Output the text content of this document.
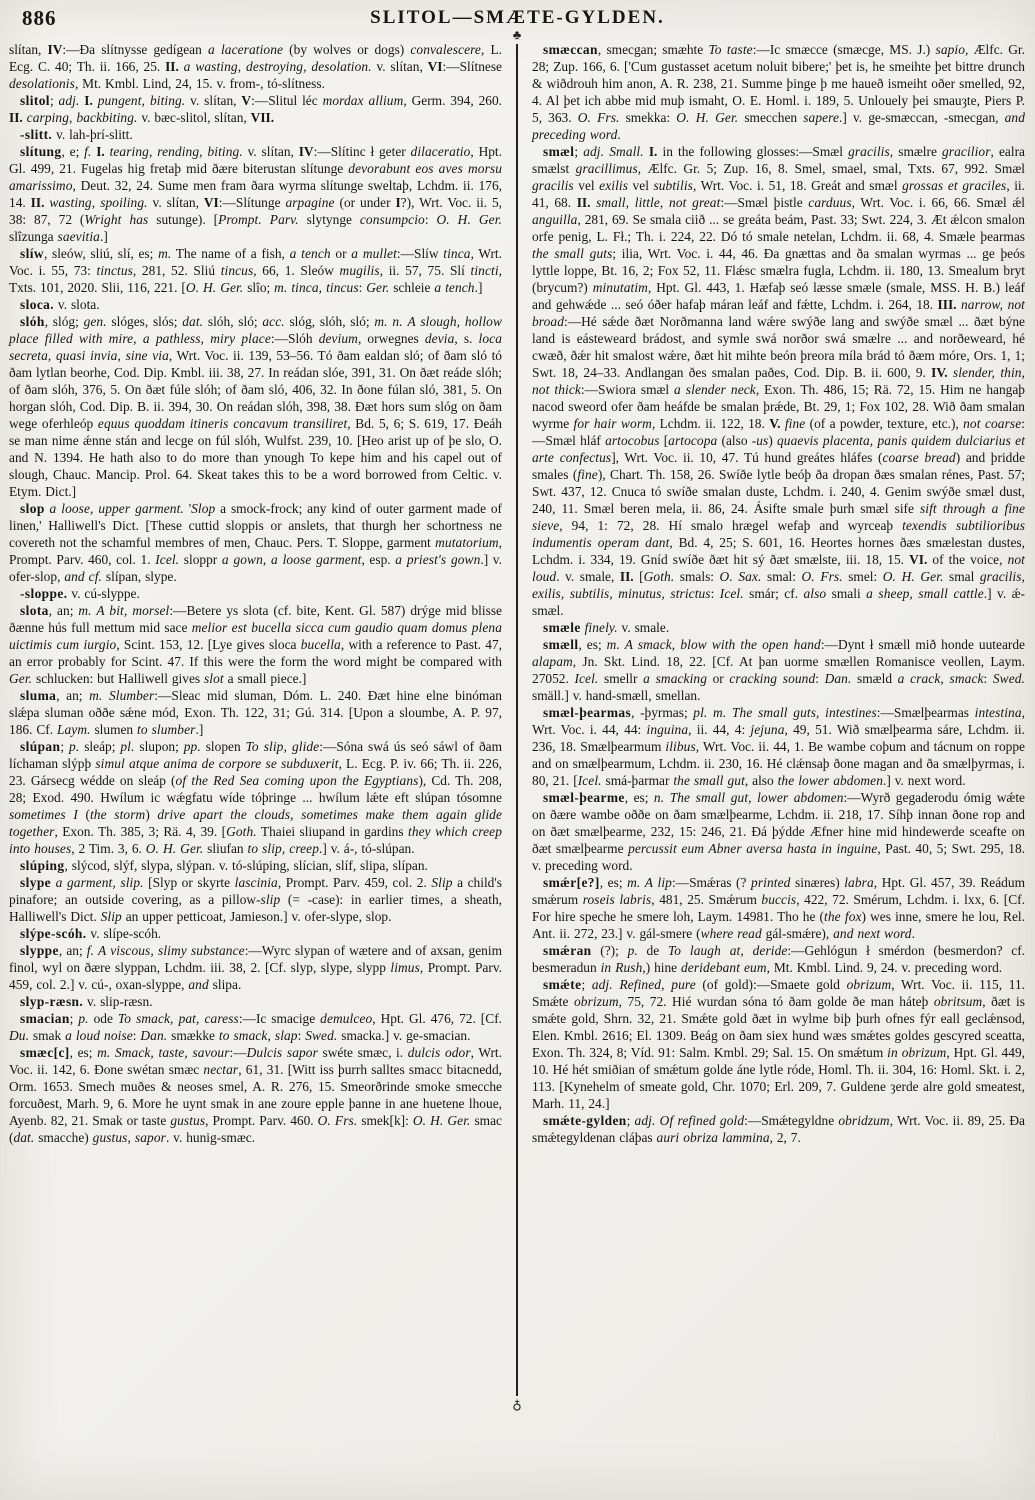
886	SLITOL—SMÆTE-GYLDEN.
♣
♁

slítan, IV:—Ða slítnysse gedígean a laceratione (by wolves or dogs) convalescere, L. Ecg. C. 40; Th. ii. 166, 25. II. a wasting, destroying, desolation. v. slítan, VI:—Slítnese desolationis, Mt. Kmbl. Lind, 24, 15. v. from-, tó-slítness.

slitol; adj. I. pungent, biting. v. slítan, V:—Slitul léc mordax allium, Germ. 394, 260. II. carping, backbiting. v. bæc-slitol, slítan, VII.

-slitt. v. lah-þrí-slitt.

slítung, e; f. I. tearing, rending, biting. v. slítan, IV:—Slítinc ł geter dilaceratio, Hpt. Gl. 499, 21. Fugelas hig fretaþ mid ðære biterustan slítunge devorabunt eos aves morsu amarissimo, Deut. 32, 24. Sume men fram ðara wyrma slítunge sweltaþ, Lchdm. ii. 176, 14. II. wasting, spoiling. v. slítan, VI:—Slítunge arpagine (or under I?), Wrt. Voc. ii. 5, 38: 87, 72 (Wright has sutunge). [Prompt. Parv. slytynge consumpcio: O. H. Ger. slîzunga saevitia.]

slíw, sleów, sliú, slí, es; m. The name of a fish, a tench or a mullet:—Slíw tinca, Wrt. Voc. i. 55, 73: tinctus, 281, 52. Sliú tincus, 66, 1. Sleów mugilis, ii. 57, 75. Slí tincti, Txts. 101, 2020. Slii, 116, 221. [O. H. Ger. slîo; m. tinca, tincus: Ger. schleie a tench.]

sloca. v. slota.

slóh, slóg; gen. slóges, slós; dat. slóh, sló; acc. slóg, slóh, sló; m. n. A slough, hollow place filled with mire, a pathless, miry place:—Slóh devium, orwegnes devia, s. loca secreta, quasi invia, sine via, Wrt. Voc. ii. 139, 53–56. Tó ðam ealdan sló; of ðam sló tó ðam lytlan beorhe, Cod. Dip. Kmbl. iii. 38, 27. In reádan slóe, 391, 31. On ðæt reáde slóh; of ðam slóh, 376, 5. On ðæt fúle slóh; of ðam sló, 406, 32. In ðone fúlan sló, 381, 5. On horgan slóh, Cod. Dip. B. ii. 394, 30. On reádan slóh, 398, 38. Ðæt hors sum slóg on ðam wege oferhleóp equus quoddam itineris concavum transiliret, Bd. 5, 6; S. 619, 17. Ðeáh se man nime ǽnne stán and lecge on fúl slóh, Wulfst. 239, 10. [Heo arist up of þe slo, O. and N. 1394. He hath also to do more than ynough To kepe him and his capel out of slough, Chauc. Mancip. Prol. 64. Skeat takes this to be a word borrowed from Celtic. v. Etym. Dict.]

slop a loose, upper garment. 'Slop a smock-frock; any kind of outer garment made of linen,' Halliwell's Dict. [These cuttid sloppis or anslets, that thurgh her schortness ne covereth not the schamful membres of men, Chauc. Pers. T. Sloppe, garment mutatorium, Prompt. Parv. 460, col. 1. Icel. sloppr a gown, a loose garment, esp. a priest's gown.] v. ofer-slop, and cf. slípan, slype.

-sloppe. v. cú-slyppe.

slota, an; m. A bit, morsel:—Betere ys slota (cf. bite, Kent. Gl. 587) drýge mid blisse ðænne hús full mettum mid sace melior est bucella sicca cum gaudio quam domus plena uictimis cum iurgio, Scint. 153, 12. [Lye gives sloca bucella, with a reference to Past. 47, an error probably for Scint. 47. If this were the form the word might be compared with Ger. schlucken: but Halliwell gives slot a small piece.]

sluma, an; m. Slumber:—Sleac mid sluman, Dóm. L. 240. Ðæt hine elne binóman slǽpa sluman oððe sǽne mód, Exon. Th. 122, 31; Gú. 314. [Upon a sloumbe, A. P. 97, 186. Cf. Laym. slumen to slumber.]

slúpan; p. sleáp; pl. slupon; pp. slopen To slip, glide:—Sóna swá ús seó sáwl of ðam líchaman slýpþ simul atque anima de corpore se subduxerit, L. Ecg. P. iv. 66; Th. ii. 226, 23. Gársecg wédde on sleáp (of the Red Sea coming upon the Egyptians), Cd. Th. 208, 28; Exod. 490. Hwílum ic wǽgfatu wíde tóþringe ... hwílum lǽte eft slúpan tósomne sometimes I (the storm) drive apart the clouds, sometimes make them again glide together, Exon. Th. 385, 3; Rä. 4, 39. [Goth. Thaiei sliupand in gardins they which creep into houses, 2 Tim. 3, 6. O. H. Ger. sliufan to slip, creep.] v. á-, tó-slúpan.

slúping, slýcod, slýf, slypa, slýpan. v. tó-slúping, slícian, slíf, slipa, slípan.

slype a garment, slip. [Slyp or skyrte lascinia, Prompt. Parv. 459, col. 2. Slip a child's pinafore; an outside covering, as a pillow-slip (= -case): in earlier times, a sheath, Halliwell's Dict. Slip an upper petticoat, Jamieson.] v. ofer-slype, slop.

slýpe-scóh. v. slípe-scóh.

slyppe, an; f. A viscous, slimy substance:—Wyrc slypan of wætere and of axsan, genim finol, wyl on ðære slyppan, Lchdm. iii. 38, 2. [Cf. slyp, slype, slypp limus, Prompt. Parv. 459, col. 2.] v. cú-, oxan-slyppe, and slipa.

slyp-ræsn. v. slip-ræsn.

smacian; p. ode To smack, pat, caress:—Ic smacige demulceo, Hpt. Gl. 476, 72. [Cf. Du. smak a loud noise: Dan. smække to smack, slap: Swed. smacka.] v. ge-smacian.

smæc[c], es; m. Smack, taste, savour:—Dulcis sapor swéte smæc, i. dulcis odor, Wrt. Voc. ii. 142, 6. Ðone swétan smæc nectar, 61, 31. [Witt iss þurrh salltes smacc bitacnedd, Orm. 1653. Smech muðes & neoses smel, A. R. 276, 15. Smeorðrinde smoke smecche forcuðest, Marh. 9, 6. More he uynt smak in ane zoure epple þanne in ane huetene lhoue, Ayenb. 82, 21. Smak or taste gustus, Prompt. Parv. 460. O. Frs. smek[k]: O. H. Ger. smac (dat. smacche) gustus, sapor. v. hunig-smæc.

smæccan, smecgan; smæhte To taste:—Ic smæcce (smæcge, MS. J.) sapio, Ælfc. Gr. 28; Zup. 166, 6. ['Cum gustasset acetum noluit bibere;' þet is, he smeihte þet bittre drunch & wiðdrouh him anon, A. R. 238, 21. Summe þinge þ me haueð ismeiht oðer smelled, 92, 4. Al þet ich abbe mid muþ ismaht, O. E. Homl. i. 189, 5. Unlouely þei smauȝte, Piers P. 5, 363. O. Frs. smekka: O. H. Ger. smecchen sapere.] v. ge-smæccan, -smecgan, and preceding word.

smæl; adj. Small. I. in the following glosses:—Smæl gracilis, smælre gracilior, ealra smælst gracillimus, Ælfc. Gr. 5; Zup. 16, 8. Smel, smael, smal, Txts. 67, 992. Smæl gracilis vel exilis vel subtilis, Wrt. Voc. i. 51, 18. Greát and smæl grossas et graciles, ii. 41, 68. II. small, little, not great:—Smæl þistle carduus, Wrt. Voc. i. 66, 66. Smæl ǽl anguilla, 281, 69. Se smala ciið ... se greáta beám, Past. 33; Swt. 224, 3. Æt ǽlcon smalon orfe penig, L. Fł.; Th. i. 224, 22. Dó tó smale netelan, Lchdm. ii. 68, 4. Smæle þearmas the small guts; ilia, Wrt. Voc. i. 44, 46. Ða gnættas and ða smalan wyrmas ... ge þeós lyttle loppe, Bt. 16, 2; Fox 52, 11. Flǽsc smælra fugla, Lchdm. ii. 180, 13. Smealum bryt (brycum?) minutatim, Hpt. Gl. 443, 1. Hæfaþ seó læsse smæle (smale, MSS. H. B.) leáf and gehwǽde ... seó óðer hafaþ máran leáf and fǽtte, Lchdm. i. 264, 18. III. narrow, not broad:—Hé sǽde ðæt Norðmanna land wǽre swýðe lang and swýðe smæl ... ðæt býne land is eásteweard brádost, and symle swá norðor swá smælre ... and norðeweard, hé cwæð, ðǽr hit smalost wǽre, ðæt hit mihte beón þreora míla brád tó ðæm móre, Ors. 1, 1; Swt. 18, 24–33. Andlangan ðes smalan paðes, Cod. Dip. B. ii. 600, 9. IV. slender, thin, not thick:—Swiora smæl a slender neck, Exon. Th. 486, 15; Rä. 72, 15. Him ne hangaþ nacod sweord ofer ðam heáfde be smalan þrǽde, Bt. 29, 1; Fox 102, 28. Wið ðam smalan wyrme for hair worm, Lchdm. ii. 122, 18. V. fine (of a powder, texture, etc.), not coarse:—Smæl hláf artocobus [artocopa (also -us) quaevis placenta, panis quidem dulciarius et arte confectus], Wrt. Voc. ii. 10, 47. Tú hund greátes hláfes (coarse bread) and þridde smales (fine), Chart. Th. 158, 26. Swíðe lytle beóþ ða dropan ðæs smalan rénes, Past. 57; Swt. 437, 12. Cnuca tó swíðe smalan duste, Lchdm. i. 240, 4. Genim swýðe smæl dust, 240, 11. Smæl beren mela, ii. 86, 24. Ásifte smale þurh smæl sife sift through a fine sieve, 94, 1: 72, 28. Hí smalo hrægel wefaþ and wyrceaþ texendis subtilioribus indumentis operam dant, Bd. 4, 25; S. 601, 16. Heortes hornes ðæs smælestan dustes, Lchdm. i. 334, 19. Gníd swíðe ðæt hit sý ðæt smælste, iii. 18, 15. VI. of the voice, not loud. v. smale, II. [Goth. smals: O. Sax. smal: O. Frs. smel: O. H. Ger. smal gracilis, exilis, subtilis, minutus, strictus: Icel. smár; cf. also smali a sheep, small cattle.] v. ǽ-smæl.

smæle finely. v. smale.

smæll, es; m. A smack, blow with the open hand:—Dynt ł smæll mið honde uutearde alapam, Jn. Skt. Lind. 18, 22. [Cf. At þan uorme smællen Romanisce veollen, Laym. 27052. Icel. smellr a smacking or cracking sound: Dan. smæld a crack, smack: Swed. smäll.] v. hand-smæll, smellan.

smæl-þearmas, -þyrmas; pl. m. The small guts, intestines:—Smælþearmas intestina, Wrt. Voc. i. 44, 44: inguina, ii. 44, 4: jejuna, 49, 51. Wið smælþearma sáre, Lchdm. ii. 236, 18. Smælþearmum ilibus, Wrt. Voc. ii. 44, 1. Be wambe coþum and tácnum on roppe and on smælþearmum, Lchdm. ii. 230, 16. Hé clǽnsaþ ðone magan and ða smælþyrmas, i. 80, 21. [Icel. smá-þarmar the small gut, also the lower abdomen.] v. next word.

smæl-þearme, es; n. The small gut, lower abdomen:—Wyrð gegaderodu ómig wǽte on ðære wambe oððe on ðam smælþearme, Lchdm. ii. 218, 17. Síhþ innan ðone rop and on ðæt smælþearme, 232, 15: 246, 21. Ðá þýdde Æfner hine mid hindewerde sceafte on ðæt smælþearme percussit eum Abner aversa hasta in inguine, Past. 40, 5; Swt. 295, 18. v. preceding word.

smǽr[e?], es; m. A lip:—Smǽras (? printed sinæres) labra, Hpt. Gl. 457, 39. Reádum smǽrum roseis labris, 481, 25. Smǽrum buccis, 422, 72. Smérum, Lchdm. i. lxx, 6. [Cf. For hire speche he smere loh, Laym. 14981. Tho he (the fox) wes inne, smere he lou, Rel. Ant. ii. 272, 23.] v. gál-smere (where read gál-smǽre), and next word.

smǽran (?); p. de To laugh at, deride:—Gehlógun ł smérdon (besmerdon? cf. besmeradun in Rush,) hine deridebant eum, Mt. Kmbl. Lind. 9, 24. v. preceding word.

smǽte; adj. Refined, pure (of gold):—Smaete gold obrizum, Wrt. Voc. ii. 115, 11. Smǽte obrizum, 75, 72. Hié wurdan sóna tó ðam golde ðe man háteþ obritsum, ðæt is smǽte gold, Shrn. 32, 21. Smǽte gold ðæt in wylme biþ þurh ofnes fýr eall geclǽnsod, Elen. Kmbl. 2616; El. 1309. Beág on ðam siex hund wæs smǽtes goldes gescyred sceatta, Exon. Th. 324, 8; Víd. 91: Salm. Kmbl. 29; Sal. 15. On smǽtum in obrizum, Hpt. Gl. 449, 10. Hé hét smiðian of smǽtum golde áne lytle róde, Homl. Th. ii. 304, 16: Homl. Skt. i. 2, 113. [Kynehelm of smeate gold, Chr. 1070; Erl. 209, 7. Guldene ȝerde alre gold smeatest, Marh. 11, 24.]

smǽte-gylden; adj. Of refined gold:—Smǽtegyldne obridzum, Wrt. Voc. ii. 89, 25. Ða smǽtegyldenan cláþas auri obriza lammina, 2, 7.
